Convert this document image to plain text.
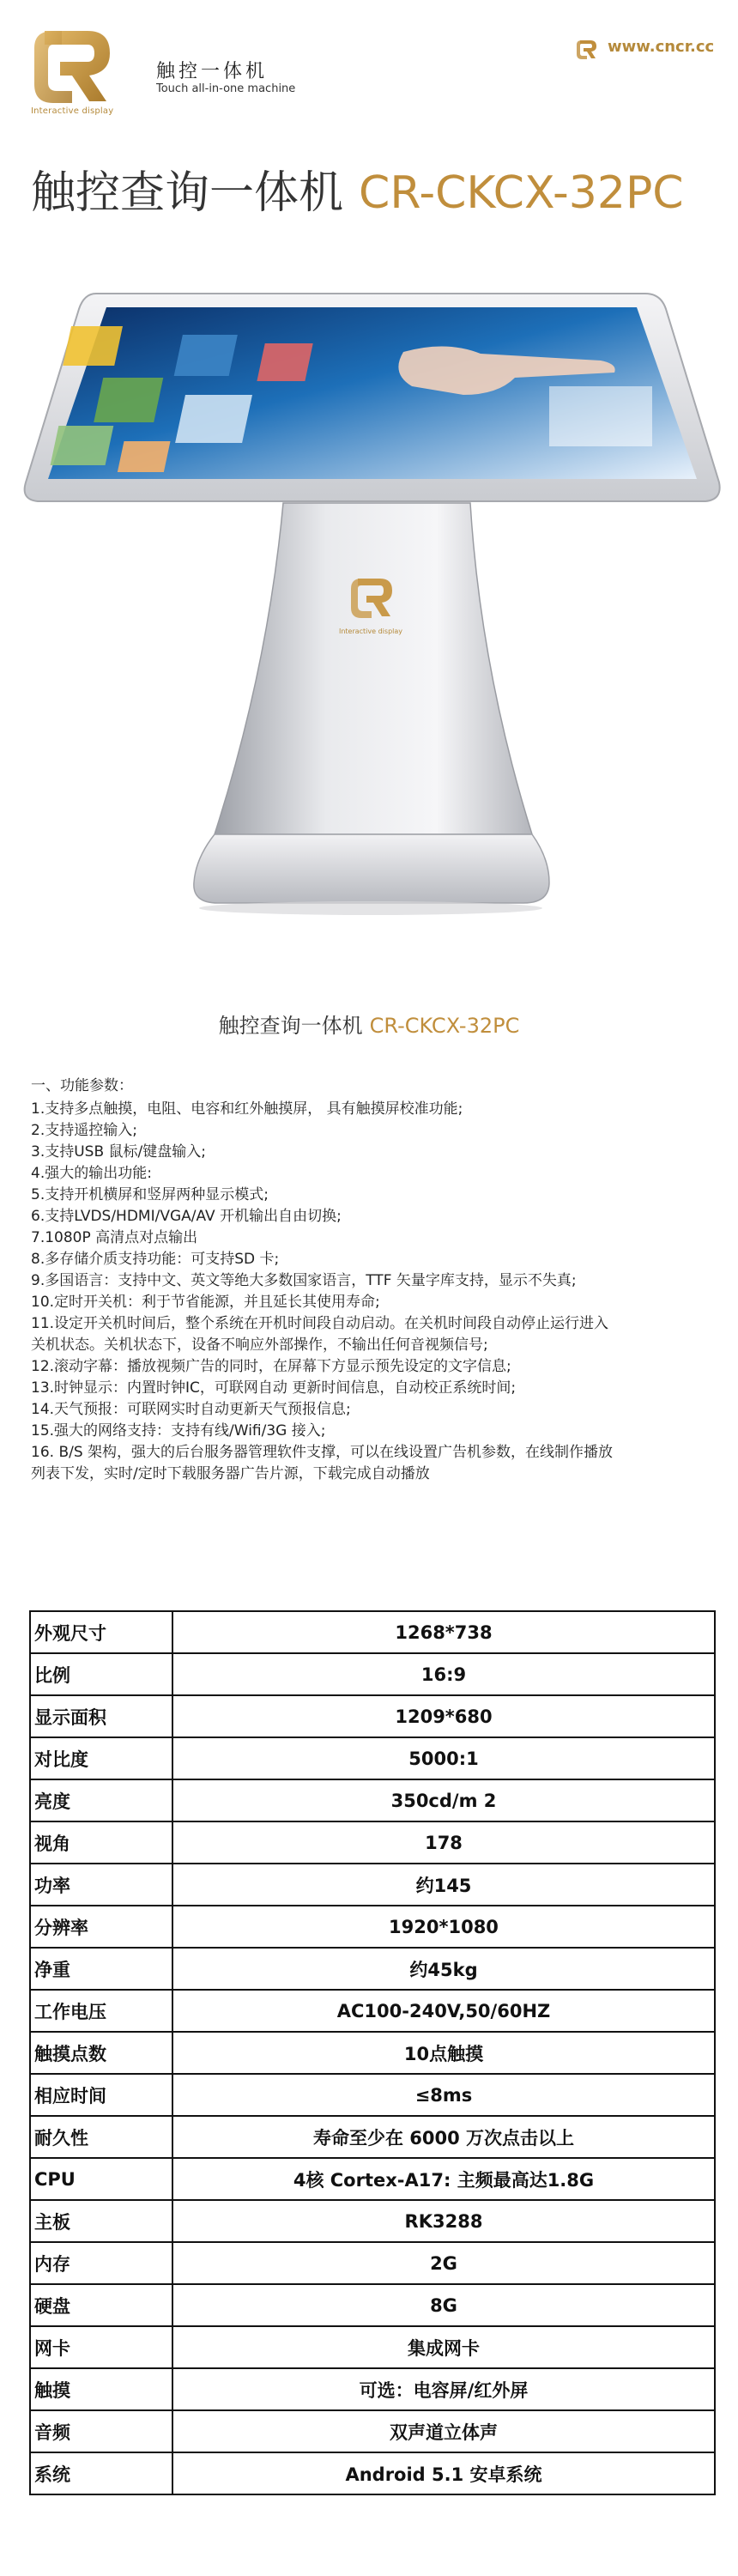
Interactive display
触控一体机
Touch all-in-one machine
www.cncr.cc
触控查询一体机 CR-CKCX-32PC
Interactive display
触控查询一体机 CR-CKCX-32PC
一、功能参数：
1.支持多点触摸，电阻、电容和红外触摸屏， 具有触摸屏校准功能;
2.支持遥控输入;
3.支持USB 鼠标/键盘输入;
4.强大的输出功能:
5.支持开机横屏和竖屏两种显示模式;
6.支持LVDS/HDMI/VGA/AV 开机输出自由切换;
7.1080P 高清点对点输出
8.多存储介质支持功能：可支持SD 卡;
9.多国语言：支持中文、英文等绝大多数国家语言，TTF 矢量字库支持，显示不失真;
10.定时开关机：利于节省能源，并且延长其使用寿命;
11.设定开关机时间后，整个系统在开机时间段自动启动。在关机时间段自动停止运行进入
关机状态。关机状态下，设备不响应外部操作，不输出任何音视频信号;
12.滚动字幕：播放视频广告的同时，在屏幕下方显示预先设定的文字信息;
13.时钟显示：内置时钟IC，可联网自动 更新时间信息，自动校正系统时间;
14.天气预报：可联网实时自动更新天气预报信息;
15.强大的网络支持：支持有线/Wifi/3G 接入;
16. B/S 架构，强大的后台服务器管理软件支撑，可以在线设置广告机参数，在线制作播放
列表下发，实时/定时下载服务器广告片源，下载完成自动播放
外观尺寸	1268*738
比例	16:9
显示面积	1209*680
对比度	5000:1
亮度	350cd/m 2
视角	178
功率	约145
分辨率	1920*1080
净重	约45kg
工作电压	AC100-240V,50/60HZ
触摸点数	10点触摸
相应时间	≤8ms
耐久性	寿命至少在 6000 万次点击以上
CPU	4核 Cortex-A17: 主频最高达1.8G
主板	RK3288
内存	2G
硬盘	8G
网卡	集成网卡
触摸	可选：电容屏/红外屏
音频	双声道立体声
系统	Android 5.1 安卓系统
